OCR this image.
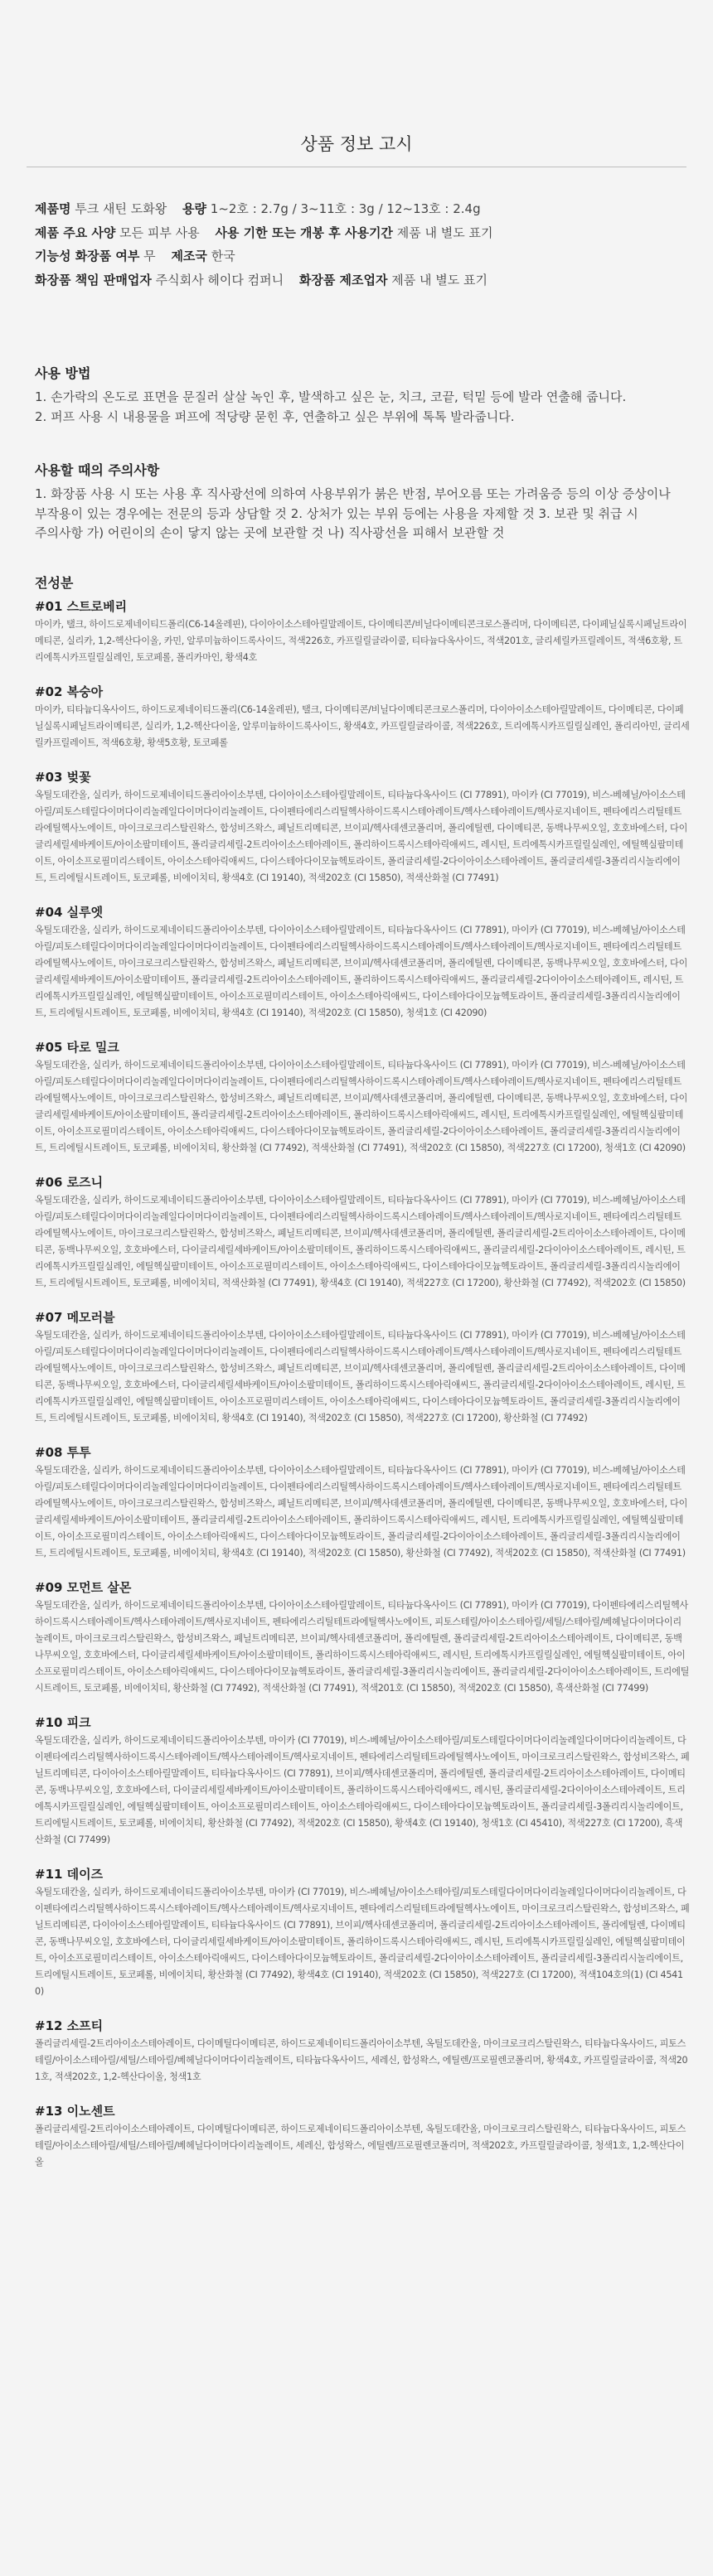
상품 정보 고시
제품명 투크 새틴 도화왕 용량 1~2호 : 2.7g / 3~11호 : 3g / 12~13호 : 2.4g
제품 주요 사양 모든 피부 사용 사용 기한 또는 개봉 후 사용기간 제품 내 별도 표기
기능성 화장품 여부 무 제조국 한국
화장품 책임 판매업자 주식회사 헤이다 컴퍼니 화장품 제조업자 제품 내 별도 표기
사용 방법
1. 손가락의 온도로 표면을 문질러 살살 녹인 후, 발색하고 싶은 눈, 치크, 코끝, 턱밑 등에 발라 연출해 줍니다.
2. 퍼프 사용 시 내용물을 퍼프에 적당량 묻힌 후, 연출하고 싶은 부위에 톡톡 발라줍니다.
사용할 때의 주의사항
1. 화장품 사용 시 또는 사용 후 직사광선에 의하여 사용부위가 붉은 반점, 부어오름 또는 가려움증 등의 이상 증상이나 부작용이 있는 경우에는 전문의 등과 상담할 것 2. 상처가 있는 부위 등에는 사용을 자제할 것 3. 보관 및 취급 시 주의사항 가) 어린이의 손이 닿지 않는 곳에 보관할 것 나) 직사광선을 피해서 보관할 것
전성분
#01 스트로베리
마이카, 탤크, 하이드로제네이티드폴리(C6-14올레핀), 다이아이소스테아릴말레이트, 다이메티콘/비닐다이메티콘크로스폴리머, 다이메티콘, 다이페닐실록시페닐트라이메티콘, 실리카, 1,2-헥산다이올, 카민, 알루미늄하이드록사이드, 적색226호, 카프릴릴글라이콜, 티타늄다옥사이드, 적색201호, 글리세릴카프릴레이트, 적색6호황, 트리에톡시카프릴릴실레인, 토코페롤, 폴리카마인, 황색4호
#02 복숭아
마이카, 티타늄디옥사이드, 하이드로제네이티드폴리(C6-14올레핀), 탤크, 다이메티콘/비닐다이메티콘크로스폴리머, 다이아이소스테아릴말레이트, 다이메티콘, 다이페닐실록시페닐트라이메티콘, 실리카, 1,2-헥산다이올, 알루미늄하이드록사이드, 황색4호, 카프릴릴글라이콜, 적색226호, 트리에톡시카프릴릴실레인, 폴리리아민, 글리세릴카프릴레이트, 적색6호황, 황색5호황, 토코페롤
#03 벚꽃
옥틸도데칸올, 실리카, 하이드로제네이티드폴리아이소부텐, 다이아이소스테아릴말레이트, 티타늄다옥사이드 (CI 77891), 마이카 (CI 77019), 비스-베헤닐/아이소스테아릴/피토스테릴다이머다이리놀레일다이머다이리놀레이트, 다이펜타에리스리틸헥사하이드록시스테아레이트/헥사스테아레이트/헥사로지네이트, 펜타에리스리틸테트라에틸헥사노에이트, 마이크로크리스탈린왁스, 합성비즈왁스, 폐닐트리메티콘, 브이피/헥사데센코폴리머, 폴리에틸렌, 다이메티콘, 동백나무씨오일, 호호바에스터, 다이글리세릴세바케이트/아이소팔미테이트, 폴리글리세릴-2트리아이소스테아레이트, 폴리하이드록시스테아릭애씨드, 레시틴, 트리에톡시카프릴릴실레인, 에틸헥실팔미테이트, 아이소프로필미리스테이트, 아이소스테아릭애씨드, 다이스테아다이모늄헥토라이트, 폴리글리세릴-2다이아이소스테아레이트, 폴리글리세릴-3폴리리시놀리에이트, 트리에틸시트레이트, 토코페롤, 비에이치티, 황색4호 (CI 19140), 적색202호 (CI 15850), 적색산화철 (CI 77491)
#04 실루엣
옥틸도데칸올, 실리카, 하이드로제네이티드폴리아이소부텐, 다이아이소스테아릴말레이트, 티타늄다옥사이드 (CI 77891), 마이카 (CI 77019), 비스-베헤닐/아이소스테아릴/피토스테릴다이머다이리놀레일다이머다이리놀레이트, 다이펜타에리스리틸헥사하이드록시스테아레이트/헥사스테아레이트/헥사로지네이트, 펜타에리스리틸테트라에틸헥사노에이트, 마이크로크리스탈린왁스, 합성비즈왁스, 폐닐트리메티콘, 브이피/헥사데센코폴리머, 폴리에틸렌, 다이메티콘, 동백나무씨오일, 호호바에스터, 다이글리세릴세바케이트/아이소팔미테이트, 폴리글리세릴-2트리아이소스테아레이트, 폴리하이드록시스테아릭애씨드, 폴리글리세릴-2다이아이소스테아레이트, 레시틴, 트리에톡시카프릴릴실레인, 에틸헥실팔미테이트, 아이소프로필미리스테이트, 아이소스테아릭애씨드, 다이스테아다이모늄헥토라이트, 폴리글리세릴-3폴리리시놀리에이트, 트리에틸시트레이트, 토코페롤, 비에이치티, 황색4호 (CI 19140), 적색202호 (CI 15850), 청색1호 (CI 42090)
#05 타로 밀크
옥틸도데칸올, 실리카, 하이드로제네이티드폴리아이소부텐, 다이아이소스테아릴말레이트, 티타늄다옥사이드 (CI 77891), 마이카 (CI 77019), 비스-베헤닐/아이소스테아릴/피토스테릴다이머다이리놀레일다이머다이리놀레이트, 다이펜타에리스리틸헥사하이드록시스테아레이트/헥사스테아레이트/헥사로지네이트, 펜타에리스리틸테트라에틸헥사노에이트, 마이크로크리스탈린왁스, 합성비즈왁스, 폐닐트리메티콘, 브이피/헥사데센코폴리머, 폴리에틸렌, 다이메티콘, 동백나무씨오일, 호호바에스터, 다이글리세릴세바케이트/아이소팔미테이트, 폴리글리세릴-2트리아이소스테아레이트, 폴리하이드록시스테아릭애씨드, 레시틴, 트리에톡시카프릴릴실레인, 에틸헥실팔미테이트, 아이소프로필미리스테이트, 아이소스테아릭애씨드, 다이스테아다이모늄헥토라이트, 폴리글리세릴-2다이아이소스테아레이트, 폴리글리세릴-3폴리리시놀리에이트, 트리에틸시트레이트, 토코페롤, 비에이치티, 황산화철 (CI 77492), 적색산화철 (CI 77491), 적색202호 (CI 15850), 적색227호 (CI 17200), 청색1호 (CI 42090)
#06 로즈니
옥틸도데칸올, 실리카, 하이드로제네이티드폴리아이소부텐, 다이아이소스테아릴말레이트, 티타늄다옥사이드 (CI 77891), 마이카 (CI 77019), 비스-베헤닐/아이소스테아릴/피토스테릴다이머다이리놀레일다이머다이리놀레이트, 다이펜타에리스리틸헥사하이드록시스테아레이트/헥사스테아레이트/헥사로지네이트, 펜타에리스리틸테트라에틸헥사노에이트, 마이크로크리스탈린왁스, 합성비즈왁스, 폐닐트리메티콘, 브이피/헥사데센코폴리머, 폴리에틸렌, 폴리글리세릴-2트리아이소스테아레이트, 다이메티콘, 동백나무씨오일, 호호바에스터, 다이글리세릴세바케이트/아이소팔미테이트, 폴리하이드록시스테아릭애씨드, 폴리글리세릴-2다이아이소스테아레이트, 레시틴, 트리에톡시카프릴릴실레인, 에틸헥실팔미테이트, 아이소프로필미리스테이트, 아이소스테아릭애씨드, 다이스테아다이모늄헥토라이트, 폴리글리세릴-3폴리리시놀리에이트, 트리에틸시트레이트, 토코페롤, 비에이치티, 적색산화철 (CI 77491), 황색4호 (CI 19140), 적색227호 (CI 17200), 황산화철 (CI 77492), 적색202호 (CI 15850)
#07 메모러블
옥틸도데칸올, 실리카, 하이드로제네이티드폴리아이소부텐, 다이아이소스테아릴말레이트, 티타늄다옥사이드 (CI 77891), 마이카 (CI 77019), 비스-베헤닐/아이소스테아릴/피토스테릴다이머다이리놀레일다이머다이리놀레이트, 다이펜타에리스리틸헥사하이드록시스테아레이트/헥사스테아레이트/헥사로지네이트, 펜타에리스리틸테트라에틸헥사노에이트, 마이크로크리스탈린왁스, 합성비즈왁스, 폐닐트리메티콘, 브이피/헥사데센코폴리머, 폴리에틸렌, 폴리글리세릴-2트리아이소스테아레이트, 다이메티콘, 동백나무씨오일, 호호바에스터, 다이글리세릴세바케이트/아이소팔미테이트, 폴리하이드록시스테아릭애씨드, 폴리글리세릴-2다이아이소스테아레이트, 레시틴, 트리에톡시카프릴릴실레인, 에틸헥실팔미테이트, 아이소프로필미리스테이트, 아이소스테아릭애씨드, 다이스테아다이모늄헥토라이트, 폴리글리세릴-3폴리리시놀리에이트, 트리에틸시트레이트, 토코페롤, 비에이치티, 황색4호 (CI 19140), 적색202호 (CI 15850), 적색227호 (CI 17200), 황산화철 (CI 77492)
#08 투투
옥틸도데칸올, 실리카, 하이드로제네이티드폴리아이소부텐, 다이아이소스테아릴말레이트, 티타늄다옥사이드 (CI 77891), 마이카 (CI 77019), 비스-베헤닐/아이소스테아릴/피토스테릴다이머다이리놀레일다이머다이리놀레이트, 다이펜타에리스리틸헥사하이드록시스테아레이트/헥사스테아레이트/헥사로지네이트, 펜타에리스리틸테트라에틸헥사노에이트, 마이크로크리스탈린왁스, 합성비즈왁스, 폐닐트리메티콘, 브이피/헥사데센코폴리머, 폴리에틸렌, 다이메티콘, 동백나무씨오일, 호호바에스터, 다이글리세릴세바케이트/아이소팔미테이트, 폴리글리세릴-2트리아이소스테아레이트, 폴리하이드록시스테아릭애씨드, 레시틴, 트리에톡시카프릴릴실레인, 에틸헥실팔미테이트, 아이소프로필미리스테이트, 아이소스테아릭애씨드, 다이스테아다이모늄헥토라이트, 폴리글리세릴-2다이아이소스테아레이트, 폴리글리세릴-3폴리리시놀리에이트, 트리에틸시트레이트, 토코페롤, 비에이치티, 황색4호 (CI 19140), 적색202호 (CI 15850), 황산화철 (CI 77492), 적색202호 (CI 15850), 적색산화철 (CI 77491)
#09 모먼트 살몬
옥틸도데칸올, 실리카, 하이드로제네이티드폴리아이소부텐, 다이아이소스테아릴말레이트, 티타늄다옥사이드 (CI 77891), 마이카 (CI 77019), 다이펜타에리스리틸헥사하이드록시스테아레이트/헥사스테아레이트/헥사로지네이트, 펜타에리스리틸테트라에틸헥사노에이트, 피토스테릴/아이소스테아릴/세틸/스테아릴/베헤닐다이머다이리놀레이트, 마이크로크리스탈린왁스, 합성비즈왁스, 폐닐트리메티콘, 브이피/헥사데센코폴리머, 폴리에틸렌, 폴리글리세릴-2트리아이소스테아레이트, 다이메티콘, 동백나무씨오일, 호호바에스터, 다이글리세릴세바케이트/아이소팔미테이트, 폴리하이드록시스테아릭애씨드, 레시틴, 트리에톡시카프릴릴실레인, 에틸헥실팔미테이트, 아이소프로필미리스테이트, 아이소스테아릭애씨드, 다이스테아다이모늄헥토라이트, 폴리글리세릴-3폴리리시놀리에이트, 폴리글리세릴-2다이아이소스테아레이트, 트리에틸시트레이트, 토코페롤, 비에이치티, 황산화철 (CI 77492), 적색산화철 (CI 77491), 적색201호 (CI 15850), 적색202호 (CI 15850), 흑색산화철 (CI 77499)
#10 피크
옥틸도데칸올, 실리카, 하이드로제네이티드폴리아이소부텐, 마이카 (CI 77019), 비스-베헤닐/아이소스테아릴/피토스테릴다이머다이리놀레일다이머다이리놀레이트, 다이펜타에리스리틸헥사하이드록시스테아레이트/헥사스테아레이트/헥사로지네이트, 펜타에리스리틸테트라에틸헥사노에이트, 마이크로크리스탈린왁스, 합성비즈왁스, 폐닐트리메티콘, 다이아이소스테아릴말레이트, 티타늄다옥사이드 (CI 77891), 브이피/헥사데센코폴리머, 폴리에틸렌, 폴리글리세릴-2트리아이소스테아레이트, 다이메티콘, 동백나무씨오일, 호호바에스터, 다이글리세릴세바케이트/아이소팔미테이트, 폴리하이드록시스테아릭애씨드, 레시틴, 폴리글리세릴-2다이아이소스테아레이트, 트리에톡시카프릴릴실레인, 에틸헥실팔미테이트, 아이소프로필미리스테이트, 아이소스테아릭애씨드, 다이스테아다이모늄헥토라이트, 폴리글리세릴-3폴리리시놀리에이트, 트리에틸시트레이트, 토코페롤, 비에이치티, 황산화철 (CI 77492), 적색202호 (CI 15850), 황색4호 (CI 19140), 청색1호 (CI 45410), 적색227호 (CI 17200), 흑색산화철 (CI 77499)
#11 데이즈
옥틸도데칸올, 실리카, 하이드로제네이티드폴리아이소부텐, 마이카 (CI 77019), 비스-베헤닐/아이소스테아릴/피토스테릴다이머다이리놀레일다이머다이리놀레이트, 다이펜타에리스리틸헥사하이드록시스테아레이트/헥사스테아레이트/헥사로지네이트, 펜타에리스리틸테트라에틸헥사노에이트, 마이크로크리스탈린왁스, 합성비즈왁스, 폐닐트리메티콘, 다이아이소스테아릴말레이트, 티타늄다옥사이드 (CI 77891), 브이피/헥사데센코폴리머, 폴리글리세릴-2트리아이소스테아레이트, 폴리에틸렌, 다이메티콘, 동백나무씨오일, 호호바에스터, 다이글리세릴세바케이트/아이소팔미테이트, 폴리하이드록시스테아릭애씨드, 레시틴, 트리에톡시카프릴릴실레인, 에틸헥실팔미테이트, 아이소프로필미리스테이트, 아이소스테아릭애씨드, 다이스테아다이모늄헥토라이트, 폴리글리세릴-2다이아이소스테아레이트, 폴리글리세릴-3폴리리시놀리에이트, 트리에틸시트레이트, 토코페롤, 비에이치티, 황산화철 (CI 77492), 황색4호 (CI 19140), 적색202호 (CI 15850), 적색227호 (CI 17200), 적색104호의(1) (CI 45410)
#12 소프티
폴리글리세릴-2트리아이소스테아레이트, 다이메틸다이메티콘, 하이드로제네이티드폴리아이소부텐, 옥틸도데칸올, 마이크로크리스탈린왁스, 티타늄다옥사이드, 피토스테릴/아이소스테아릴/세틸/스테아릴/베헤닐다이머다이리놀레이트, 티타늄다옥사이드, 세레신, 합성왁스, 에틸렌/프로필렌코폴리머, 황색4호, 카프릴릴글라이콜, 적색201호, 적색202호, 1,2-헥산다이올, 청색1호
#13 이노센트
폴리글리세릴-2트리아이소스테아레이트, 다이메틸다이메티콘, 하이드로제네이티드폴리아이소부텐, 옥틸도데칸올, 마이크로크리스탈린왁스, 티타늄다옥사이드, 피토스테릴/아이소스테아릴/세틸/스테아릴/베헤닐다이머다이리놀레이트, 세레신, 합성왁스, 에틸렌/프로필렌코폴리머, 적색202호, 카프릴릴글라이콜, 청색1호, 1,2-헥산다이올
